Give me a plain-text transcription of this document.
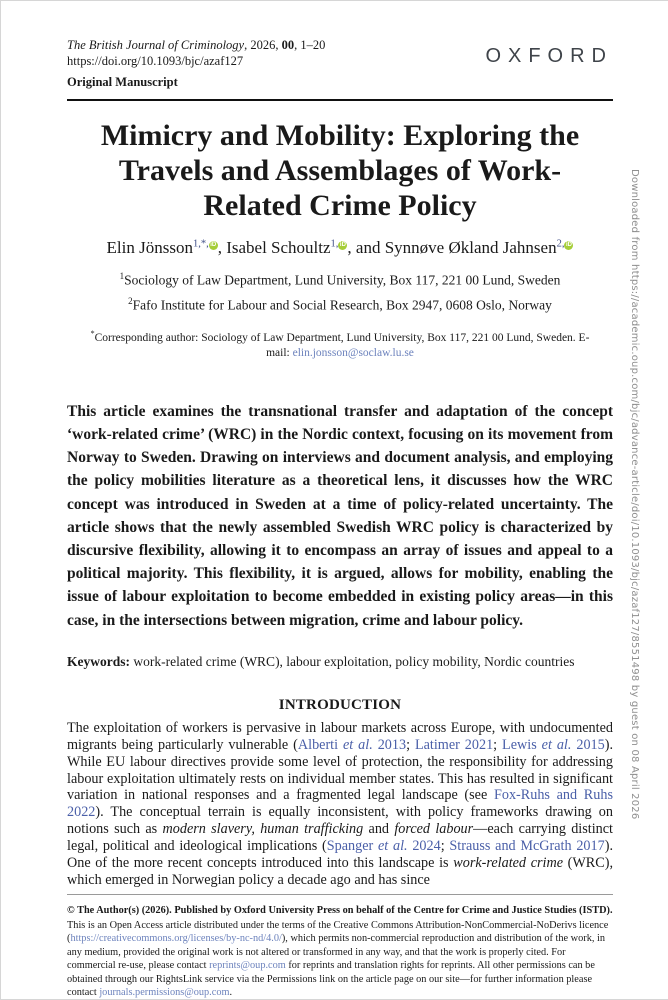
The British Journal of Criminology, 2026, 00, 1–20
https://doi.org/10.1093/bjc/azaf127
Original Manuscript
OXFORD
Mimicry and Mobility: Exploring the Travels and Assemblages of Work-Related Crime Policy
Elin Jönsson$^{1,*,}$ iD, Isabel Schoultz$^{1,}$ iD, and Synnøve Økland Jahnsen$^{2,}$ iD
$^1$Sociology of Law Department, Lund University, Box 117, 221 00 Lund, Sweden
$^2$Fafo Institute for Labour and Social Research, Box 2947, 0608 Oslo, Norway
*Corresponding author: Sociology of Law Department, Lund University, Box 117, 221 00 Lund, Sweden. E-mail: elin.jonsson@soclaw.lu.se
This article examines the transnational transfer and adaptation of the concept ‘work-related crime’ (WRC) in the Nordic context, focusing on its movement from Norway to Sweden. Drawing on interviews and document analysis, and employing the policy mobilities literature as a theoretical lens, it discusses how the WRC concept was introduced in Sweden at a time of policy-related uncertainty. The article shows that the newly assembled Swedish WRC policy is characterized by discursive flexibility, allowing it to encompass an array of issues and appeal to a political majority. This flexibility, it is argued, allows for mobility, enabling the issue of labour exploitation to become embedded in existing policy areas—in this case, in the intersections between migration, crime and labour policy.
Keywords: work-related crime (WRC), labour exploitation, policy mobility, Nordic countries
INTRODUCTION

The exploitation of workers is pervasive in labour markets across Europe, with undocumented migrants being particularly vulnerable (Alberti et al. 2013; Latimer 2021; Lewis et al. 2015). While EU labour directives provide some level of protection, the responsibility for addressing labour exploitation ultimately rests on individual member states. This has resulted in significant variation in national responses and a fragmented legal landscape (see Fox-Ruhs and Ruhs 2022). The conceptual terrain is equally inconsistent, with policy frameworks drawing on notions such as modern slavery, human trafficking and forced labour—each carrying distinct legal, political and ideological implications (Spanger et al. 2024; Strauss and McGrath 2017). One of the more recent concepts introduced into this landscape is work-related crime (WRC), which emerged in Norwegian policy a decade ago and has since

© The Author(s) (2026). Published by Oxford University Press on behalf of the Centre for Crime and Justice Studies (ISTD).
This is an Open Access article distributed under the terms of the Creative Commons Attribution-NonCommercial-NoDerivs licence (https://creativecommons.org/licenses/by-nc-nd/4.0/), which permits non-commercial reproduction and distribution of the work, in any medium, provided the original work is not altered or transformed in any way, and that the work is properly cited. For commercial re-use, please contact reprints@oup.com for reprints and translation rights for reprints. All other permissions can be obtained through our RightsLink service via the Permissions link on the article page on our site—for further information please contact journals.permissions@oup.com.
Downloaded from https://academic.oup.com/bjc/advance-article/doi/10.1093/bjc/azaf127/8551498 by guest on 08 April 2026
